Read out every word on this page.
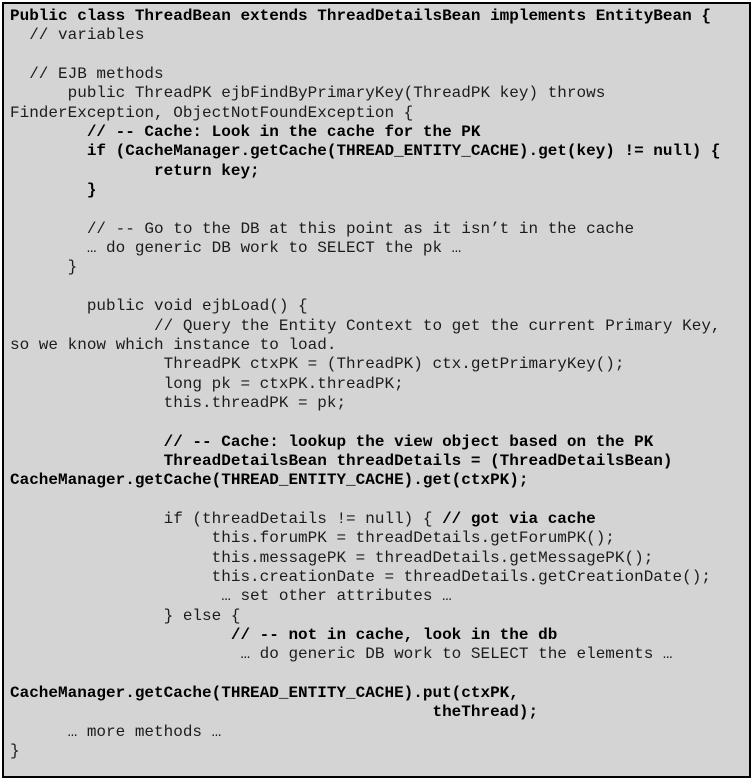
Public class ThreadBean extends ThreadDetailsBean implements EntityBean {
// variables
// EJB methods
public ThreadPK ejbFindByPrimaryKey(ThreadPK key) throws
FinderException, ObjectNotFoundException {
// -- Cache: Look in the cache for the PK
if (CacheManager.getCache(THREAD_ENTITY_CACHE).get(key) != null) {
return key;
}
// -- Go to the DB at this point as it isn’t in the cache
… do generic DB work to SELECT the pk …
}
public void ejbLoad() {
// Query the Entity Context to get the current Primary Key,
so we know which instance to load.
ThreadPK ctxPK = (ThreadPK) ctx.getPrimaryKey();
long pk = ctxPK.threadPK;
this.threadPK = pk;
// -- Cache: lookup the view object based on the PK
ThreadDetailsBean threadDetails = (ThreadDetailsBean)
CacheManager.getCache(THREAD_ENTITY_CACHE).get(ctxPK);
if (threadDetails != null) { // got via cache
this.forumPK = threadDetails.getForumPK();
this.messagePK = threadDetails.getMessagePK();
this.creationDate = threadDetails.getCreationDate();
… set other attributes …
} else {
// -- not in cache, look in the db
… do generic DB work to SELECT the elements …
CacheManager.getCache(THREAD_ENTITY_CACHE).put(ctxPK,
theThread);
… more methods …
}
